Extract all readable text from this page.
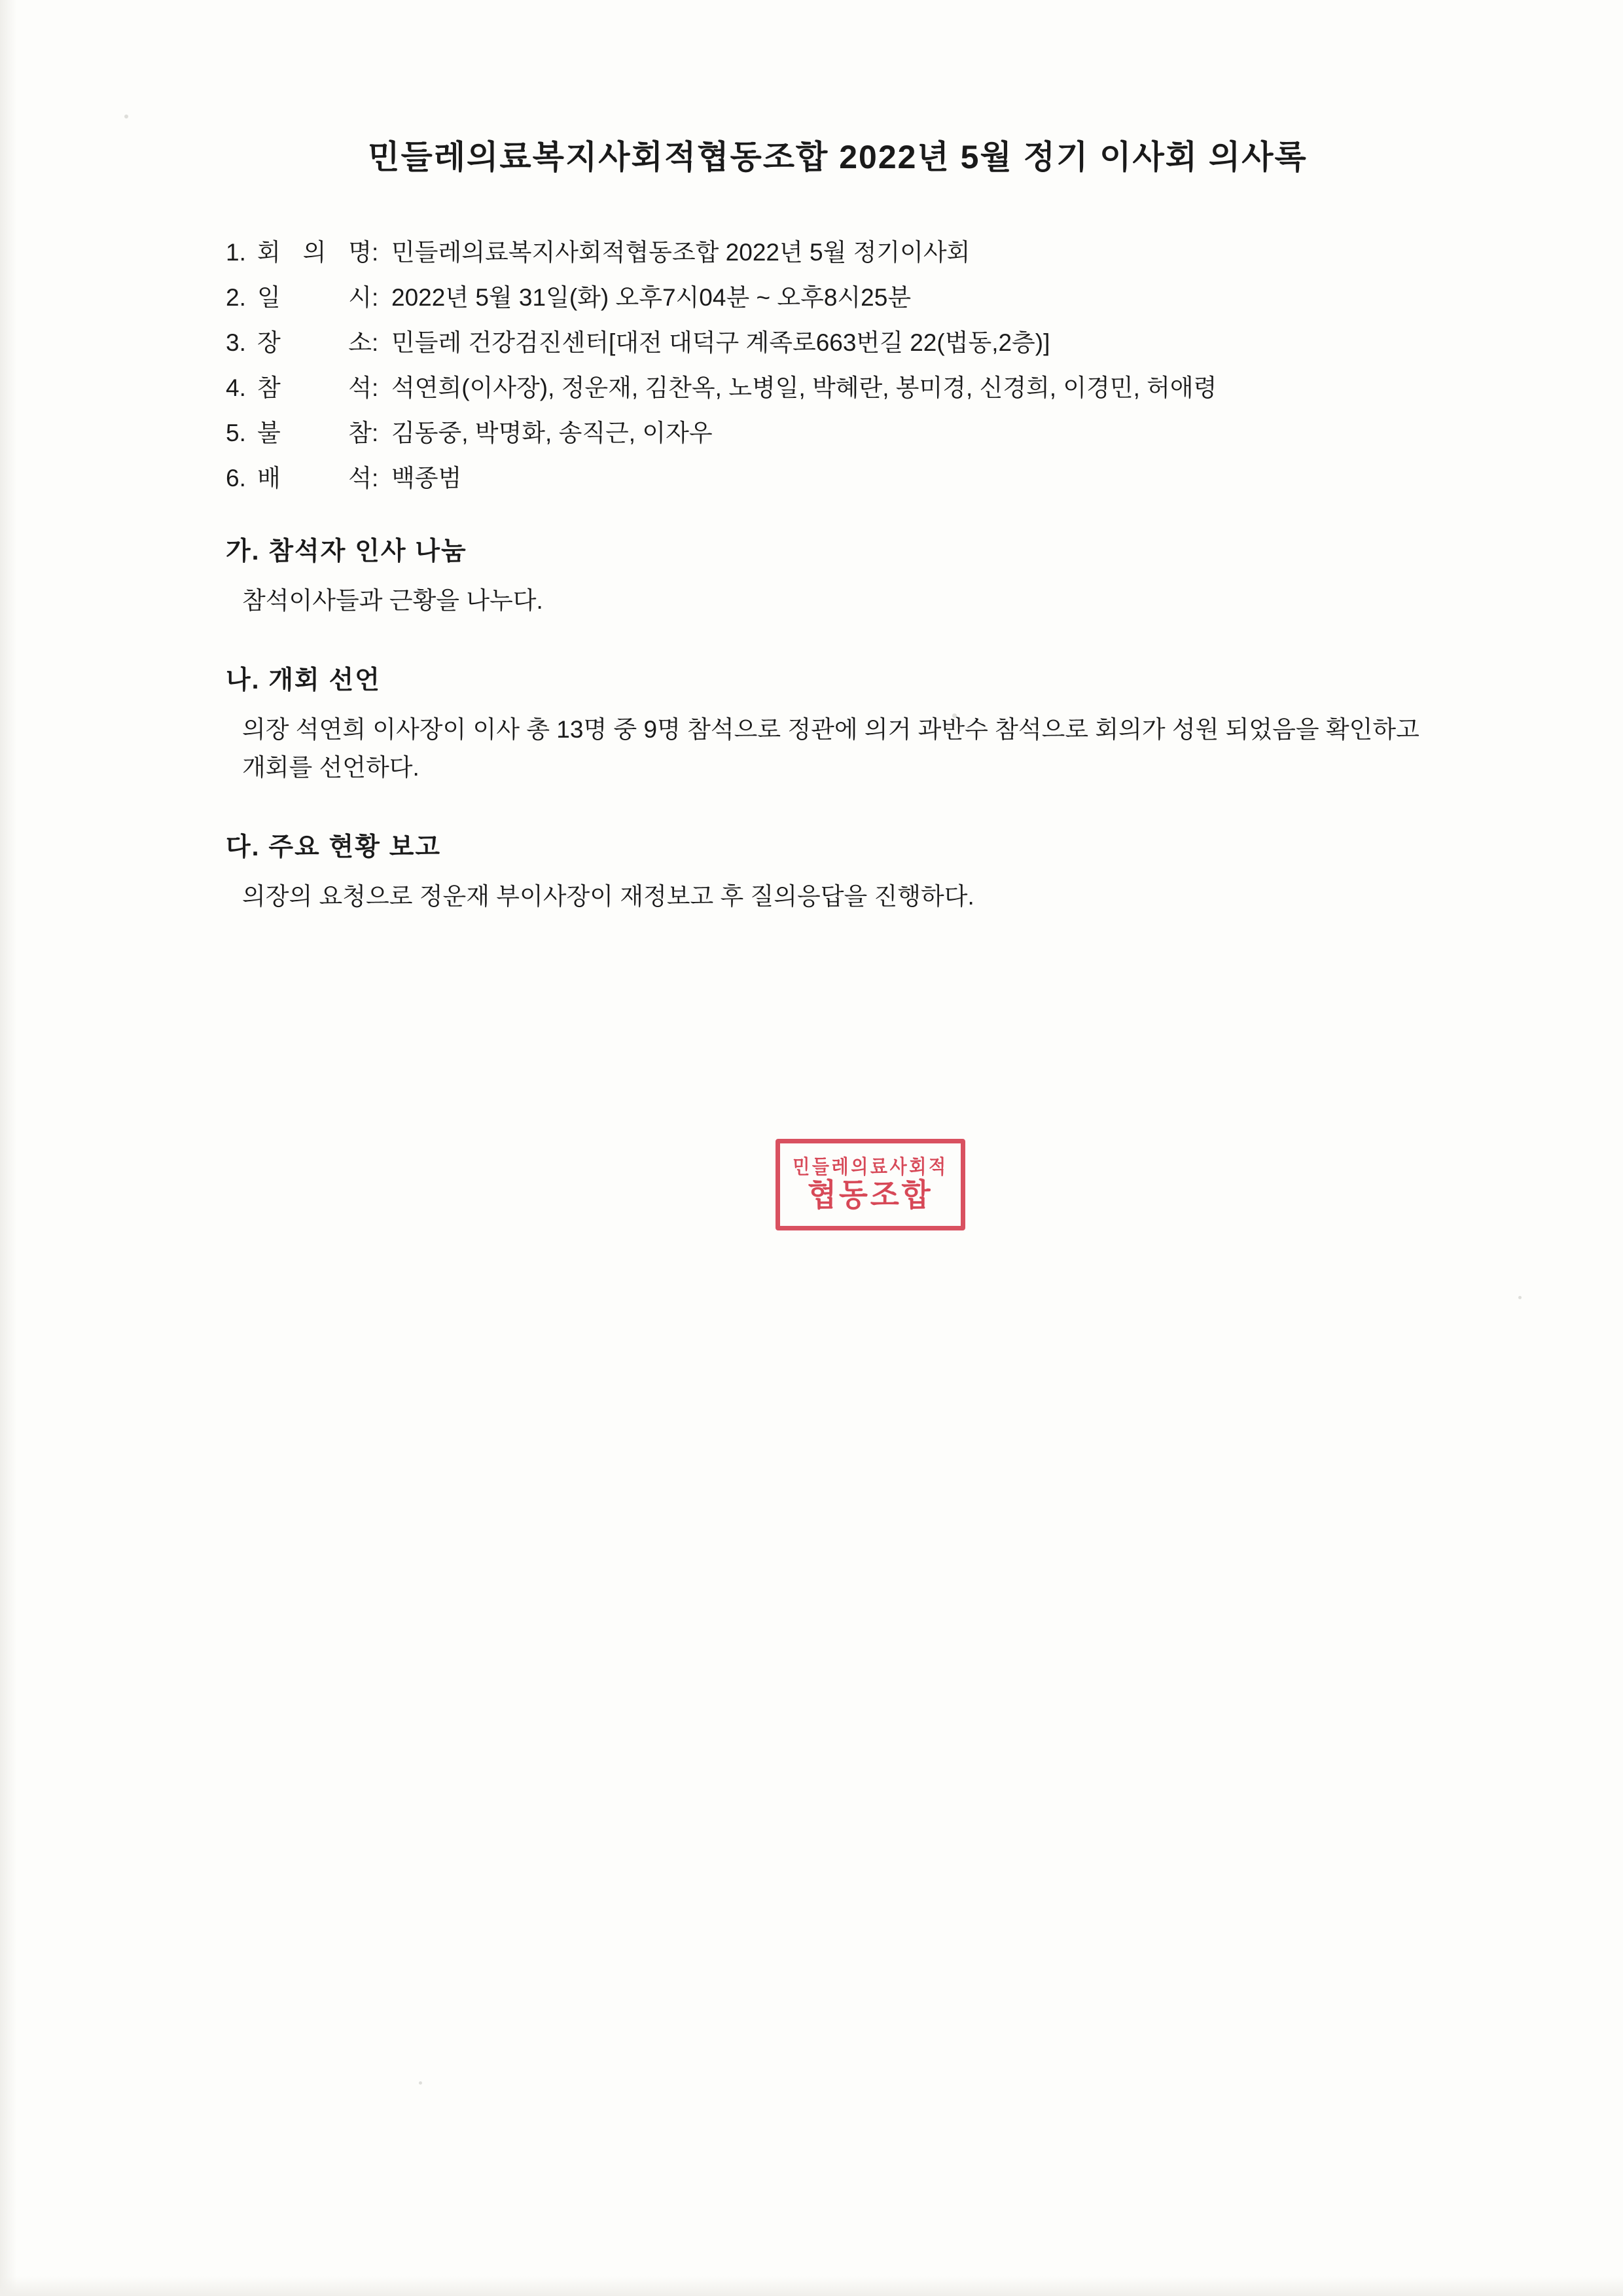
민들레의료복지사회적협동조합 2022년 5월 정기 이사회 의사록
1. 회 의 명 : 민들레의료복지사회적협동조합 2022년 5월 정기이사회
2. 일	시 : 2022년 5월 31일(화) 오후7시04분 ~ 오후8시25분
3. 장	소 : 민들레 건강검진센터[대전 대덕구 계족로663번길 22(법동,2층)]
4. 참	석 : 석연희(이사장), 정운재, 김찬옥, 노병일, 박혜란, 봉미경, 신경희, 이경민, 허애령
5. 불	참 : 김동중, 박명화, 송직근, 이자우
6. 배	석 : 백종범
가. 참석자 인사 나눔

참석이사들과 근황을 나누다.

나. 개회 선언

의장 석연희 이사장이 이사 총 13명 중 9명 참석으로 정관에 의거 과반수 참석으로 회의가 성원 되었음을 확인하고 개회를 선언하다.

다. 주요 현황 보고

의장의 요청으로 정운재 부이사장이 재정보고 후 질의응답을 진행하다.

민들레의료사회적
협동조합
